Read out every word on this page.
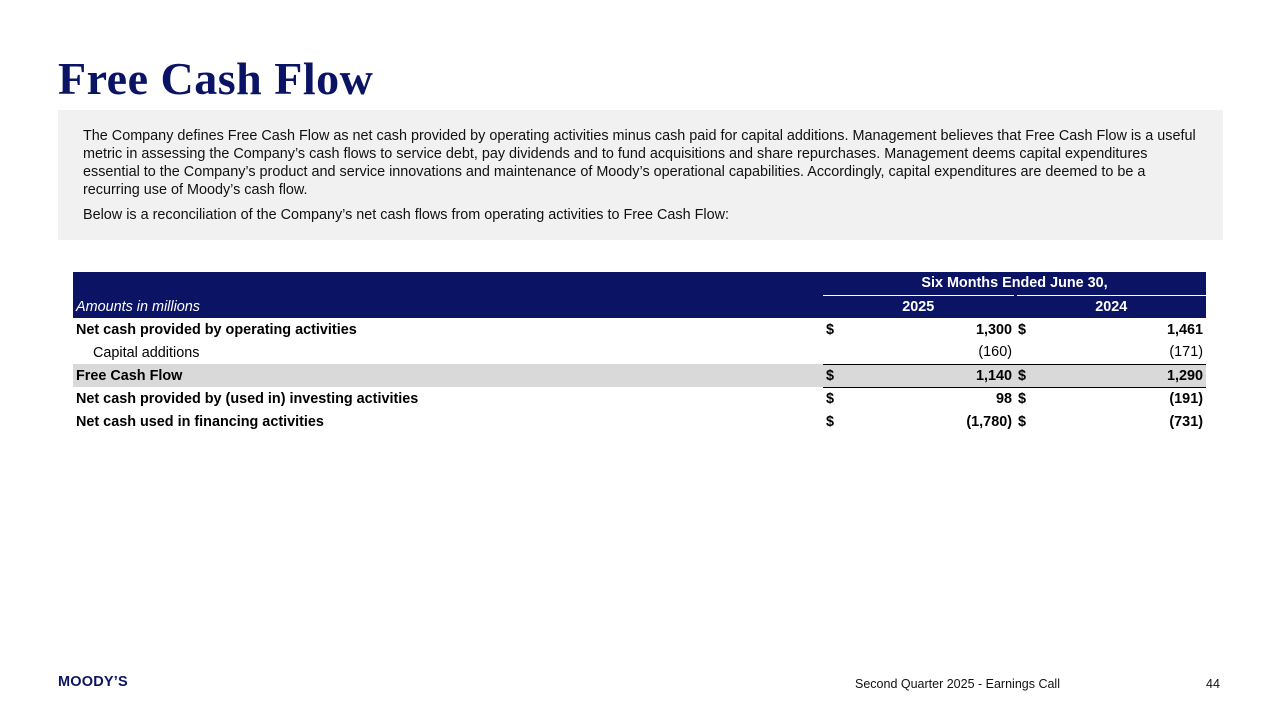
Free Cash Flow

The Company defines Free Cash Flow as net cash provided by operating activities minus cash paid for capital additions. Management believes that Free Cash Flow is a useful metric in assessing the Company’s cash flows to service debt, pay dividends and to fund acquisitions and share repurchases. Management deems capital expenditures essential to the Company’s product and service innovations and maintenance of Moody’s operational capabilities. Accordingly, capital expenditures are deemed to be a recurring use of Moody’s cash flow.

Below is a reconciliation of the Company’s net cash flows from operating activities to Free Cash Flow:

	Six Months Ended June 30,			
Amounts in millions	2025		2024	
Net cash provided by operating activities	$	1,300	$	1,461
Capital additions		(160)		(171)
Free Cash Flow	$	1,140	$	1,290
Net cash provided by (used in) investing activities	$	98	$	(191)
Net cash used in financing activities	$	(1,780)	$	(731)
MOODY’S	Second Quarter 2025 - Earnings Call	44
